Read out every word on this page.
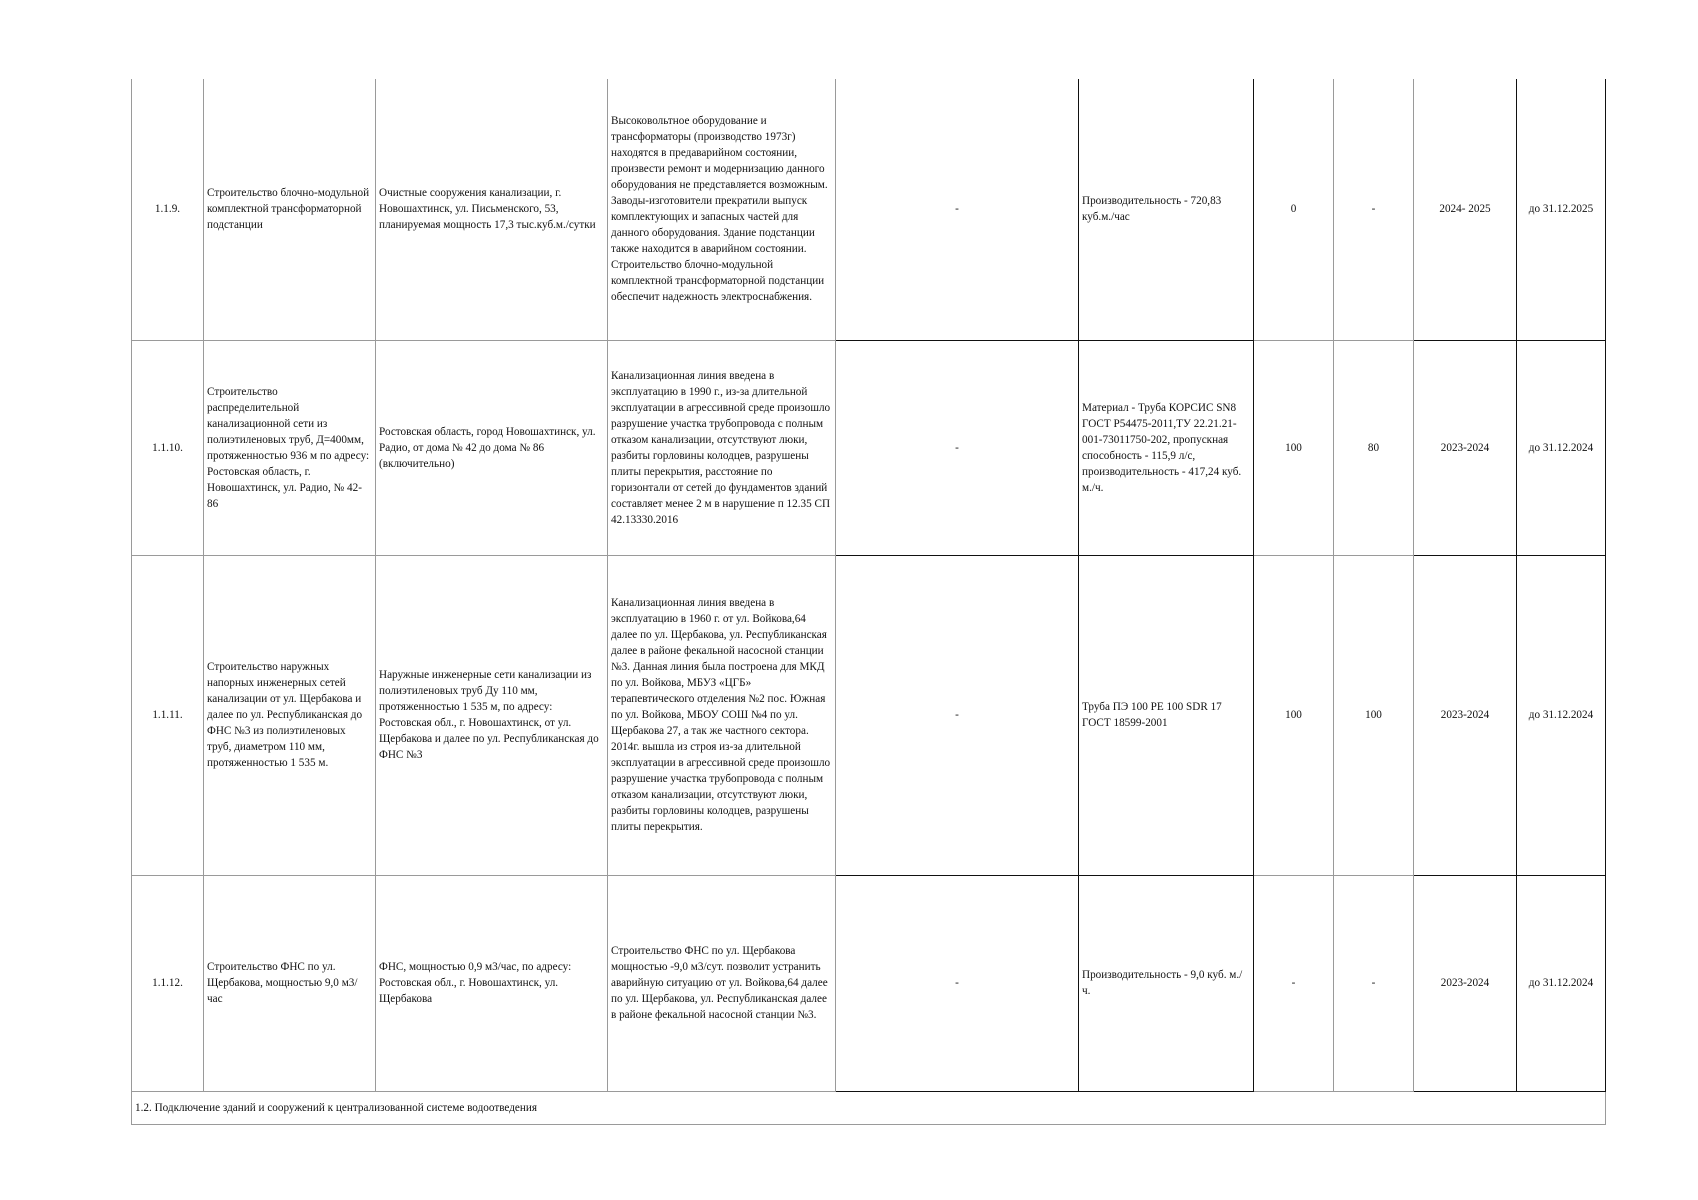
1.1.9.	Строительство блочно-модульной комплектной трансформаторной подстанции	Очистные сооружения канализации, г. Новошахтинск, ул. Письменского, 53, планируемая мощность 17,3 тыс.куб.м./сутки	Высоковольтное оборудование и трансформаторы (производство 1973г) находятся в предаварийном состоянии, произвести ремонт и модернизацию данного оборудования не представляется возможным. Заводы-изготовители прекратили выпуск комплектующих и запасных частей для данного оборудования. Здание подстанции также находится в аварийном состоянии. Строительство блочно-модульной комплектной трансформаторной подстанции обеспечит надежность электроснабжения.	-	Производительность - 720,83 куб.м./час	0	-	2024- 2025	до 31.12.2025
1.1.10.	Строительство распределительной канализационной сети из полиэтиленовых труб, Д=400мм, протяженностью 936 м по адресу: Ростовская область, г. Новошахтинск, ул. Радио, № 42-86	Ростовская область, город Новошахтинск, ул. Радио, от дома № 42 до дома № 86 (включительно)	Канализационная линия введена в эксплуатацию в 1990 г., из-за длительной эксплуатации в агрессивной среде произошло разрушение участка трубопровода с полным отказом канализации, отсутствуют люки, разбиты горловины колодцев, разрушены плиты перекрытия, расстояние по горизонтали от сетей до фундаментов зданий составляет менее 2 м в нарушение п 12.35 СП 42.13330.2016	-	Материал - Труба КОРСИС SN8 ГОСТ Р54475-2011,ТУ 22.21.21-001-73011750-202, пропускная способность - 115,9 л/с, производительность - 417,24 куб. м./ч.	100	80	2023-2024	до 31.12.2024
1.1.11.	Строительство наружных напорных инженерных сетей канализации от ул. Щербакова и далее по ул. Республиканская до ФНС №3 из полиэтиленовых труб, диаметром 110 мм, протяженностью 1 535 м.	Наружные инженерные сети канализации из полиэтиленовых труб Ду 110 мм, протяженностью 1 535 м, по адресу: Ростовская обл., г. Новошахтинск, от ул. Щербакова и далее по ул. Республиканская до ФНС №3	Канализационная линия введена в эксплуатацию в 1960 г. от ул. Войкова,64 далее по ул. Щербакова, ул. Республиканская далее в районе фекальной насосной станции №3. Данная линия была построена для МКД по ул. Войкова, МБУЗ «ЦГБ» терапевтического отделения №2 пос. Южная по ул. Войкова, МБОУ СОШ №4 по ул. Щербакова 27, а так же частного сектора. 2014г. вышла из строя из-за длительной эксплуатации в агрессивной среде произошло разрушение участка трубопровода с полным отказом канализации, отсутствуют люки, разбиты горловины колодцев, разрушены плиты перекрытия.	-	Труба ПЭ 100 PE 100 SDR 17 ГОСТ 18599-2001	100	100	2023-2024	до 31.12.2024
1.1.12.	Строительство ФНС по ул. Щербакова, мощностью 9,0 м3/час	ФНС, мощностью 0,9 м3/час, по адресу: Ростовская обл., г. Новошахтинск, ул. Щербакова	Строительство ФНС по ул. Щербакова мощностью -9,0 м3/сут. позволит устранить аварийную ситуацию от ул. Войкова,64 далее по ул. Щербакова, ул. Республиканская далее в районе фекальной насосной станции №3.	-	Производительность - 9,0 куб. м./ч.	-	-	2023-2024	до 31.12.2024
1.2. Подключение зданий и сооружений к централизованной системе водоотведения									
